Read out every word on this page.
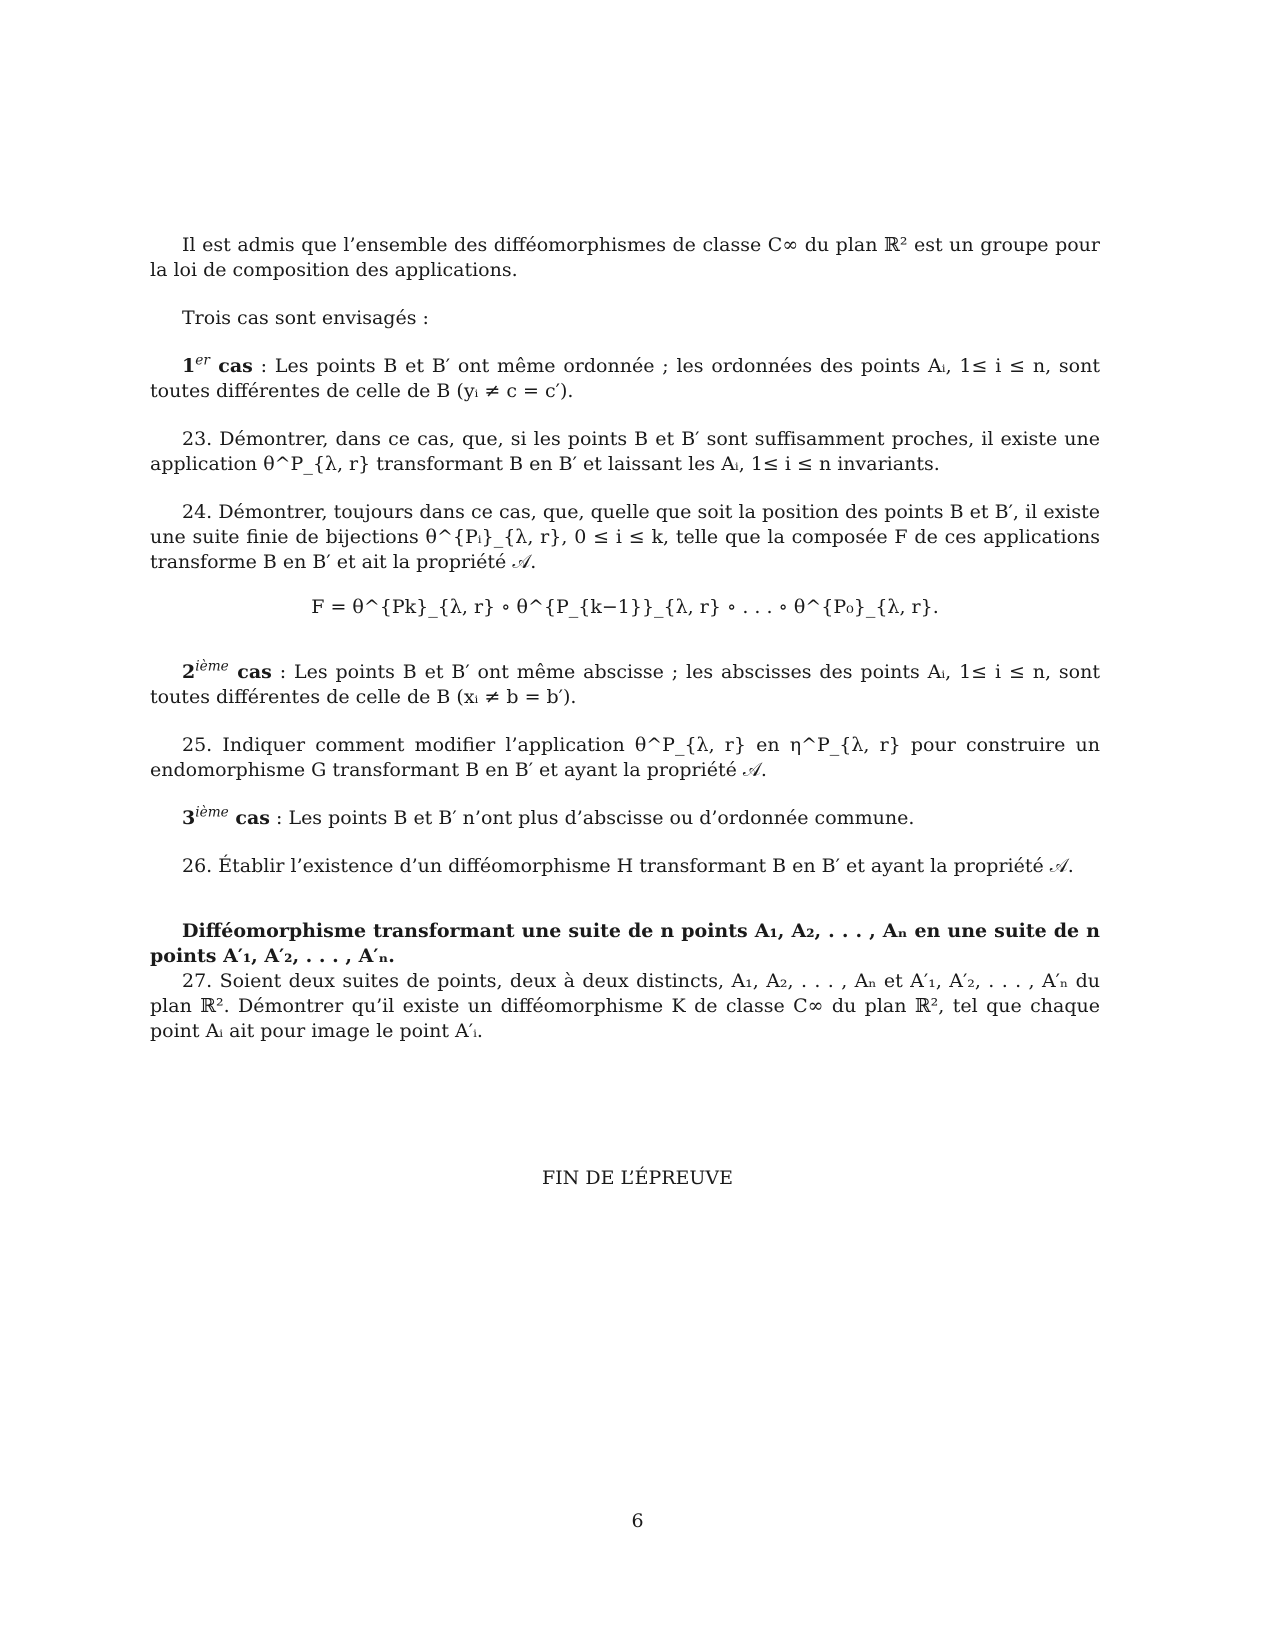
Il est admis que l’ensemble des difféomorphismes de classe C∞ du plan ℝ² est un groupe pour la loi de composition des applications.

Trois cas sont envisagés :

1er cas : Les points B et B′ ont même ordonnée ; les ordonnées des points Aᵢ, 1≤ i ≤ n, sont toutes différentes de celle de B (yᵢ ≠ c = c′).

23. Démontrer, dans ce cas, que, si les points B et B′ sont suffisamment proches, il existe une application θ^P_{λ, r} transformant B en B′ et laissant les Aᵢ, 1≤ i ≤ n invariants.

24. Démontrer, toujours dans ce cas, que, quelle que soit la position des points B et B′, il existe une suite finie de bijections θ^{Pᵢ}_{λ, r}, 0 ≤ i ≤ k, telle que la composée F de ces applications transforme B en B′ et ait la propriété 𝒜.

F = θ^{Pk}_{λ, r} ∘ θ^{P_{k−1}}_{λ, r} ∘ . . . ∘ θ^{P₀}_{λ, r}.

2ième cas : Les points B et B′ ont même abscisse ; les abscisses des points Aᵢ, 1≤ i ≤ n, sont toutes différentes de celle de B (xᵢ ≠ b = b′).

25. Indiquer comment modifier l’application θ^P_{λ, r} en η^P_{λ, r} pour construire un endomorphisme G transformant B en B′ et ayant la propriété 𝒜.

3ième cas : Les points B et B′ n’ont plus d’abscisse ou d’ordonnée commune.

26. Établir l’existence d’un difféomorphisme H transformant B en B′ et ayant la propriété 𝒜.

Difféomorphisme transformant une suite de n points A₁, A₂, . . . , Aₙ en une suite de n points A′₁, A′₂, . . . , A′ₙ.

27. Soient deux suites de points, deux à deux distincts, A₁, A₂, . . . , Aₙ et A′₁, A′₂, . . . , A′ₙ du plan ℝ². Démontrer qu’il existe un difféomorphisme K de classe C∞ du plan ℝ², tel que chaque point Aᵢ ait pour image le point A′ᵢ.

FIN DE L’ÉPREUVE
6
